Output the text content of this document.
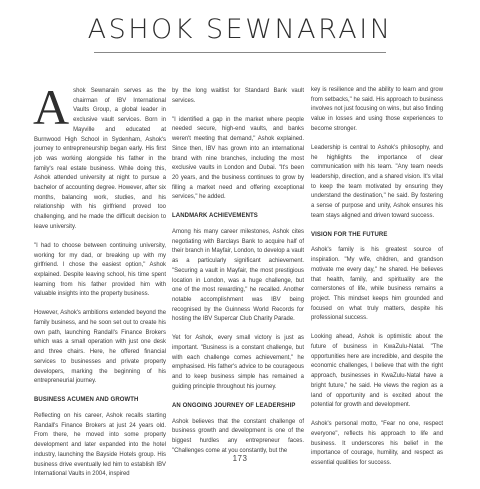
ASHOK SEWNARAIN

Ashok Sewnarain serves as the chairman of IBV International Vaults Group, a global leader in exclusive vault services. Born in Mayville and educated at Burnwood High School in Sydenham, Ashok's journey to entrepreneurship began early. His first job was working alongside his father in the family's real estate business. While doing this, Ashok attended university at night to pursue a bachelor of accounting degree. However, after six months, balancing work, studies, and his relationship with his girlfriend proved too challenging, and he made the difficult decision to leave university.

"I had to choose between continuing university, working for my dad, or breaking up with my girlfriend. I chose the easiest option," Ashok explained. Despite leaving school, his time spent learning from his father provided him with valuable insights into the property business.

However, Ashok's ambitions extended beyond the family business, and he soon set out to create his own path, launching Randall's Finance Brokers which was a small operation with just one desk and three chairs. Here, he offered financial services to businesses and private property developers, marking the beginning of his entrepreneurial journey.

BUSINESS ACUMEN AND GROWTH

Reflecting on his career, Ashok recalls starting Randall's Finance Brokers at just 24 years old. From there, he moved into some property development and later expanded into the hotel industry, launching the Bayside Hotels group. His business drive eventually led him to establish IBV International Vaults in 2004, inspired

by the long waitlist for Standard Bank vault services.

"I identified a gap in the market where people needed secure, high-end vaults, and banks weren't meeting that demand," Ashok explained. Since then, IBV has grown into an international brand with nine branches, including the most exclusive vaults in London and Dubai. "It's been 20 years, and the business continues to grow by filling a market need and offering exceptional services," he added.

LANDMARK ACHIEVEMENTS

Among his many career milestones, Ashok cites negotiating with Barclays Bank to acquire half of their branch in Mayfair, London, to develop a vault as a particularly significant achievement. "Securing a vault in Mayfair, the most prestigious location in London, was a huge challenge, but one of the most rewarding," he recalled. Another notable accomplishment was IBV being recognised by the Guinness World Records for hosting the IBV Supercar Club Charity Parade.

Yet for Ashok, every small victory is just as important. "Business is a constant challenge, but with each challenge comes achievement," he emphasised. His father's advice to be courageous and to keep business simple has remained a guiding principle throughout his journey.

AN ONGOING JOURNEY OF LEADERSHIP

Ashok believes that the constant challenge of business growth and development is one of the biggest hurdles any entrepreneur faces. "Challenges come at you constantly, but the

key is resilience and the ability to learn and grow from setbacks," he said. His approach to business involves not just focusing on wins, but also finding value in losses and using those experiences to become stronger.

Leadership is central to Ashok's philosophy, and he highlights the importance of clear communication with his team. "Any team needs leadership, direction, and a shared vision. It's vital to keep the team motivated by ensuring they understand the destination," he said. By fostering a sense of purpose and unity, Ashok ensures his team stays aligned and driven toward success.

VISION FOR THE FUTURE

Ashok's family is his greatest source of inspiration. "My wife, children, and grandson motivate me every day," he shared. He believes that health, family, and spirituality are the cornerstones of life, while business remains a project. This mindset keeps him grounded and focused on what truly matters, despite his professional success.

Looking ahead, Ashok is optimistic about the future of business in KwaZulu-Natal. "The opportunities here are incredible, and despite the economic challenges, I believe that with the right approach, businesses in KwaZulu-Natal have a bright future," he said. He views the region as a land of opportunity and is excited about the potential for growth and development.

Ashok's personal motto, "Fear no one, respect everyone", reflects his approach to life and business. It underscores his belief in the importance of courage, humility, and respect as essential qualities for success.

173
